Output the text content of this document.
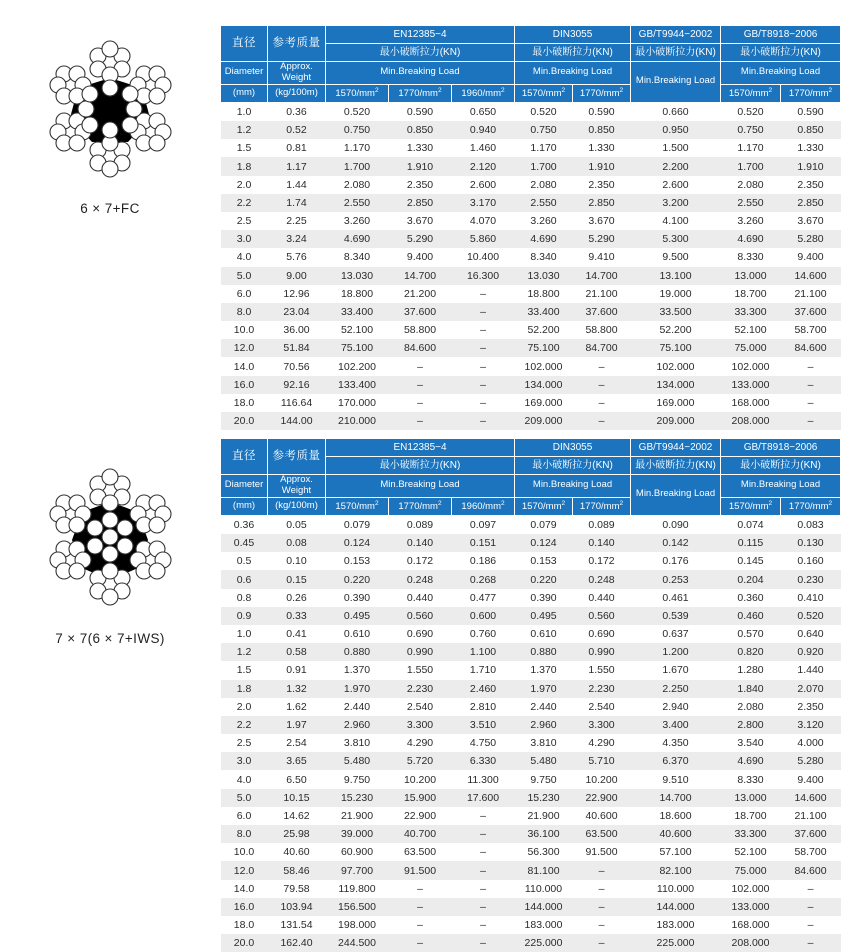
6 × 7+FC
直径	参考质量	EN12385−4			DIN3055		GB/T9944−2002	GB/T8918−2006	
		最小破断拉力(KN)			最小破断拉力(KN)		最小破断拉力(KN)	最小破断拉力(KN)	
Diameter	Approx.
Weight	Min.Breaking Load			Min.Breaking Load		Min.Breaking Load	Min.Breaking Load	
(mm)	(kg/100m)	$1570/mm^2$	$1770/mm^2$	$1960/mm^2$	$1570/mm^2$	$1770/mm^2$		$1570/mm^2$	$1770/mm^2$
1.0	0.36	0.520	0.590	0.650	0.520	0.590	0.660	0.520	0.590
1.2	0.52	0.750	0.850	0.940	0.750	0.850	0.950	0.750	0.850
1.5	0.81	1.170	1.330	1.460	1.170	1.330	1.500	1.170	1.330
1.8	1.17	1.700	1.910	2.120	1.700	1.910	2.200	1.700	1.910
2.0	1.44	2.080	2.350	2.600	2.080	2.350	2.600	2.080	2.350
2.2	1.74	2.550	2.850	3.170	2.550	2.850	3.200	2.550	2.850
2.5	2.25	3.260	3.670	4.070	3.260	3.670	4.100	3.260	3.670
3.0	3.24	4.690	5.290	5.860	4.690	5.290	5.300	4.690	5.280
4.0	5.76	8.340	9.400	10.400	8.340	9.410	9.500	8.330	9.400
5.0	9.00	13.030	14.700	16.300	13.030	14.700	13.100	13.000	14.600
6.0	12.96	18.800	21.200	–	18.800	21.100	19.000	18.700	21.100
8.0	23.04	33.400	37.600	–	33.400	37.600	33.500	33.300	37.600
10.0	36.00	52.100	58.800	–	52.200	58.800	52.200	52.100	58.700
12.0	51.84	75.100	84.600	–	75.100	84.700	75.100	75.000	84.600
14.0	70.56	102.200	–	–	102.000	–	102.000	102.000	–
16.0	92.16	133.400	–	–	134.000	–	134.000	133.000	–
18.0	116.64	170.000	–	–	169.000	–	169.000	168.000	–
20.0	144.00	210.000	–	–	209.000	–	209.000	208.000	–
7 × 7(6 × 7+IWS)
直径	参考质量	EN12385−4			DIN3055		GB/T9944−2002	GB/T8918−2006	
		最小破断拉力(KN)			最小破断拉力(KN)		最小破断拉力(KN)	最小破断拉力(KN)	
Diameter	Approx.
Weight	Min.Breaking Load			Min.Breaking Load		Min.Breaking Load	Min.Breaking Load	
(mm)	(kg/100m)	$1570/mm^2$	$1770/mm^2$	$1960/mm^2$	$1570/mm^2$	$1770/mm^2$		$1570/mm^2$	$1770/mm^2$
0.36	0.05	0.079	0.089	0.097	0.079	0.089	0.090	0.074	0.083
0.45	0.08	0.124	0.140	0.151	0.124	0.140	0.142	0.115	0.130
0.5	0.10	0.153	0.172	0.186	0.153	0.172	0.176	0.145	0.160
0.6	0.15	0.220	0.248	0.268	0.220	0.248	0.253	0.204	0.230
0.8	0.26	0.390	0.440	0.477	0.390	0.440	0.461	0.360	0.410
0.9	0.33	0.495	0.560	0.600	0.495	0.560	0.539	0.460	0.520
1.0	0.41	0.610	0.690	0.760	0.610	0.690	0.637	0.570	0.640
1.2	0.58	0.880	0.990	1.100	0.880	0.990	1.200	0.820	0.920
1.5	0.91	1.370	1.550	1.710	1.370	1.550	1.670	1.280	1.440
1.8	1.32	1.970	2.230	2.460	1.970	2.230	2.250	1.840	2.070
2.0	1.62	2.440	2.540	2.810	2.440	2.540	2.940	2.080	2.350
2.2	1.97	2.960	3.300	3.510	2.960	3.300	3.400	2.800	3.120
2.5	2.54	3.810	4.290	4.750	3.810	4.290	4.350	3.540	4.000
3.0	3.65	5.480	5.720	6.330	5.480	5.710	6.370	4.690	5.280
4.0	6.50	9.750	10.200	11.300	9.750	10.200	9.510	8.330	9.400
5.0	10.15	15.230	15.900	17.600	15.230	22.900	14.700	13.000	14.600
6.0	14.62	21.900	22.900	–	21.900	40.600	18.600	18.700	21.100
8.0	25.98	39.000	40.700	–	36.100	63.500	40.600	33.300	37.600
10.0	40.60	60.900	63.500	–	56.300	91.500	57.100	52.100	58.700
12.0	58.46	97.700	91.500	–	81.100	–	82.100	75.000	84.600
14.0	79.58	119.800	–	–	110.000	–	110.000	102.000	–
16.0	103.94	156.500	–	–	144.000	–	144.000	133.000	–
18.0	131.54	198.000	–	–	183.000	–	183.000	168.000	–
20.0	162.40	244.500	–	–	225.000	–	225.000	208.000	–
